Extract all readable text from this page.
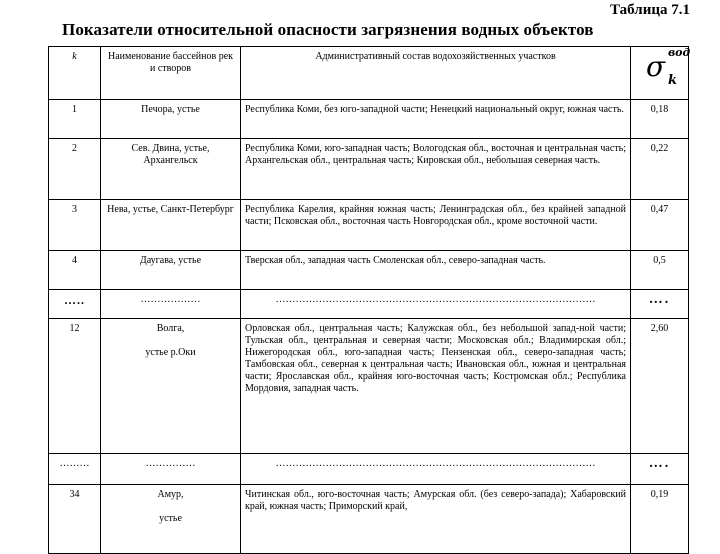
Таблица 7.1
Показатели относительной опасности загрязнения водных объектов
k	Наименование бассейнов рек и створов	Административный состав водохозяйственных участков	σ вод
k

1	Печора, устье	Республика Коми, без юго-западной части; Ненецкий национальный округ, южная часть.	0,18
2	Сев. Двина, устье, Архангельск	Республика Коми, юго-западная часть; Вологодская обл., восточная и центральная часть; Архангельская обл., центральная часть; Кировская обл., небольшая северная часть.	0,22
3	Нева, устье, Санкт-Петербург	Республика Карелия, крайняя южная часть; Ленинградская обл., без крайней западной части; Псковская обл., восточная часть Новгородская обл., кроме восточной части.	0,47
4	Даугава, устье	Тверская обл., западная часть Смоленская обл., северо-западная часть.	0,5
…..	………………	……………………………………………………………………………………	….
12	Волга,
устье р.Оки	Орловская обл., центральная часть; Калужская обл., без небольшой запад-ной части; Тульская обл., центральная и северная части; Московская обл.; Владимирская обл.; Нижегородская обл., юго-западная часть; Пензенская обл., северо-западная часть; Тамбовская обл., северная к центральная часть; Ивановская обл., южная и центральная части; Ярославская обл., крайняя юго-восточная часть; Костромская обл.; Республика Мордовия, западная часть.	2,60
………	……………	……………………………………………………………………………………	….
34	Амур,
устье	Читинская обл., юго-восточная часть; Амурская обл. (без северо-запада); Хабаровский край, южная часть; Приморский край,	0,19
